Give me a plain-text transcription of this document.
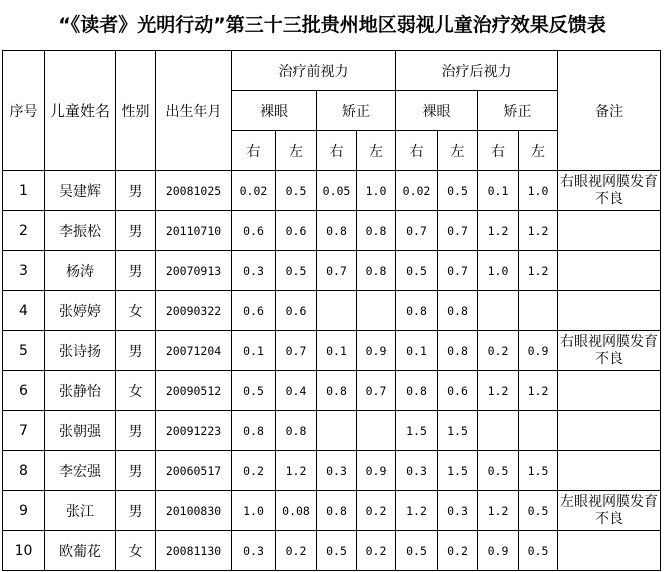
“《读者》光明行动”第三十三批贵州地区弱视儿童治疗效果反馈表
序号	儿童姓名	性别	出生年月	治疗前视力				治疗后视力				备注
				裸眼		矫正		裸眼		矫正		
				右	左	右	左	右	左	右	左	
1	吴建辉	男	20081025	0.02	0.5	0.05	1.0	0.02	0.5	0.1	1.0	右眼视网膜发育不良
2	李振松	男	20110710	0.6	0.6	0.8	0.8	0.7	0.7	1.2	1.2	
3	杨涛	男	20070913	0.3	0.5	0.7	0.8	0.5	0.7	1.0	1.2	
4	张婷婷	女	20090322	0.6	0.6			0.8	0.8			
5	张诗扬	男	20071204	0.1	0.7	0.1	0.9	0.1	0.8	0.2	0.9	右眼视网膜发育不良
6	张静怡	女	20090512	0.5	0.4	0.8	0.7	0.8	0.6	1.2	1.2	
7	张朝强	男	20091223	0.8	0.8			1.5	1.5			
8	李宏强	男	20060517	0.2	1.2	0.3	0.9	0.3	1.5	0.5	1.5	
9	张江	男	20100830	1.0	0.08	0.8	0.2	1.2	0.3	1.2	0.5	左眼视网膜发育不良
10	欧葡花	女	20081130	0.3	0.2	0.5	0.2	0.5	0.2	0.9	0.5	
